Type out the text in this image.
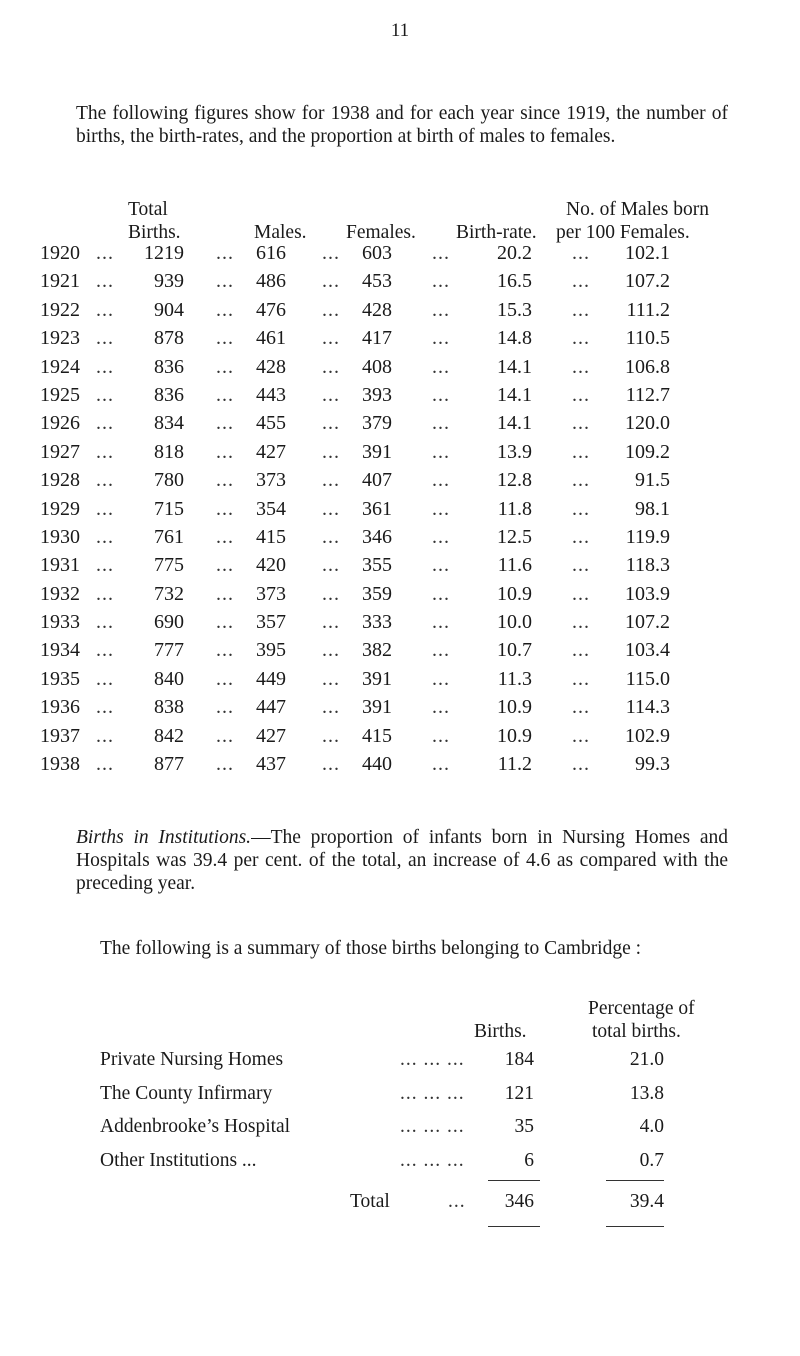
11

The following figures show for 1938 and for each year since 1919, the number of births, the birth-rates, and the proportion at birth of males to females.

Total
Births.	Males. Females. Birth-rate.
No. of Males born
per 100 Females.
1920 ...	1219 ... 616 ... 603 ...	20.2 ...	102.1
1921 ...	939 ... 486 ... 453 ...	16.5 ...	107.2
1922 ...	904 ... 476 ... 428 ...	15.3 ...	111.2
1923 ...	878 ... 461 ... 417 ...	14.8 ...	110.5
1924 ...	836 ... 428 ... 408 ...	14.1 ...	106.8
1925 ...	836 ... 443 ... 393 ...	14.1 ...	112.7
1926 ...	834 ... 455 ... 379 ...	14.1 ...	120.0
1927 ...	818 ... 427 ... 391 ...	13.9 ...	109.2
1928 ...	780 ... 373 ... 407 ...	12.8 ...	91.5
1929 ...	715 ... 354 ... 361 ...	11.8 ...	98.1
1930 ...	761 ... 415 ... 346 ...	12.5 ...	119.9
1931 ...	775 ... 420 ... 355 ...	11.6 ...	118.3
1932 ...	732 ... 373 ... 359 ...	10.9 ...	103.9
1933 ...	690 ... 357 ... 333 ...	10.0 ...	107.2
1934 ...	777 ... 395 ... 382 ...	10.7 ...	103.4
1935 ...	840 ... 449 ... 391 ...	11.3 ...	115.0
1936 ...	838 ... 447 ... 391 ...	10.9 ...	114.3
1937 ...	842 ... 427 ... 415 ...	10.9 ...	102.9
1938 ...	877 ... 437 ... 440 ...	11.2 ...	99.3

Births in Institutions.—The proportion of infants born in Nursing Homes and Hospitals was 39.4 per cent. of the total, an increase of 4.6 as compared with the preceding year.

The following is a summary of those births belonging to Cambridge :
Births.
Percentage of
total births.
Private Nursing Homes	... ... ...	184	21.0
The County Infirmary	... ... ...	121	13.8
Addenbrooke’s Hospital	... ... ...	35	4.0
Other Institutions ...	... ... ...	6	0.7
Total	...	346	39.4
